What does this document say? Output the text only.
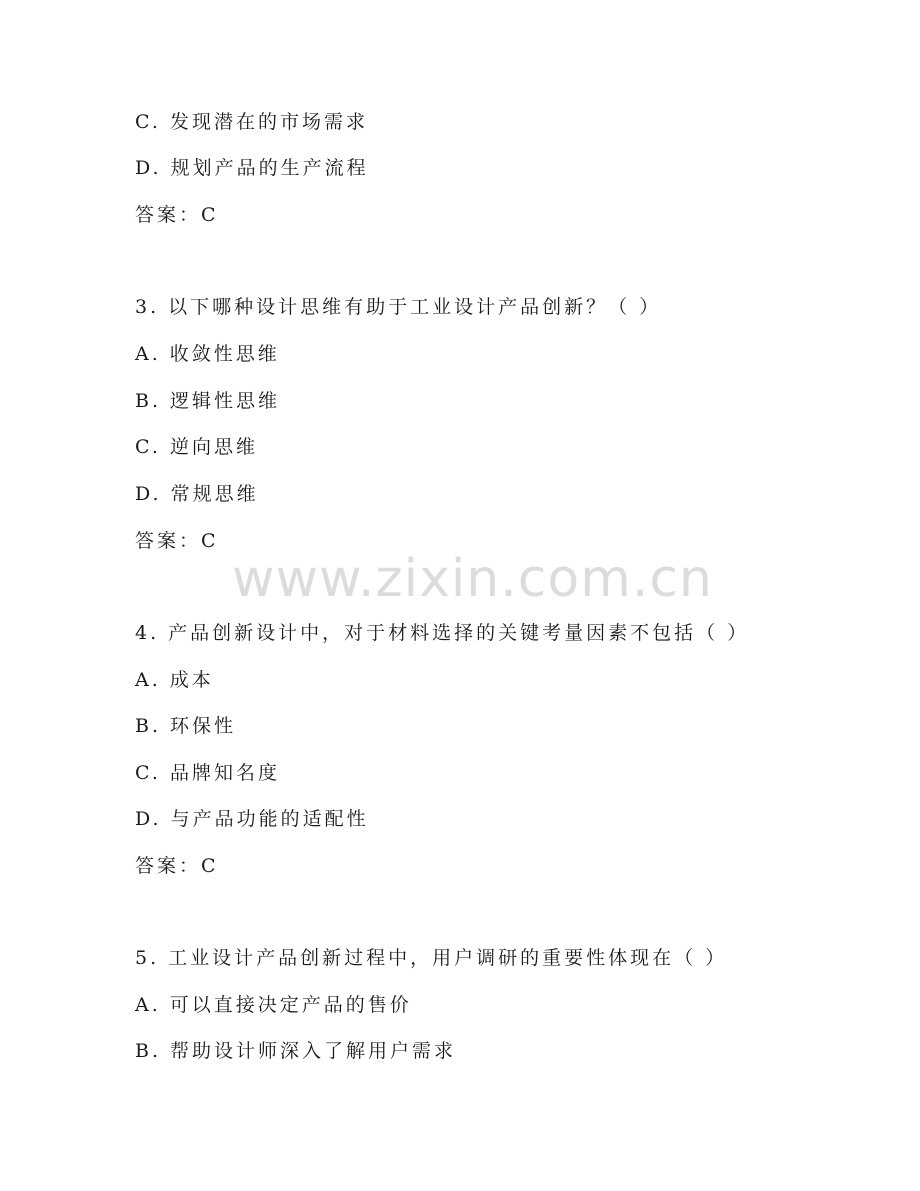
C. 发现潜在的市场需求
D. 规划产品的生产流程
答案：C
3. 以下哪种设计思维有助于工业设计产品创新？（ ）
A. 收敛性思维
B. 逻辑性思维
C. 逆向思维
D. 常规思维
答案：C
www.zixin.com.cn
4. 产品创新设计中，对于材料选择的关键考量因素不包括（ ）
A. 成本
B. 环保性
C. 品牌知名度
D. 与产品功能的适配性
答案：C
5. 工业设计产品创新过程中，用户调研的重要性体现在（ ）
A. 可以直接决定产品的售价
B. 帮助设计师深入了解用户需求
